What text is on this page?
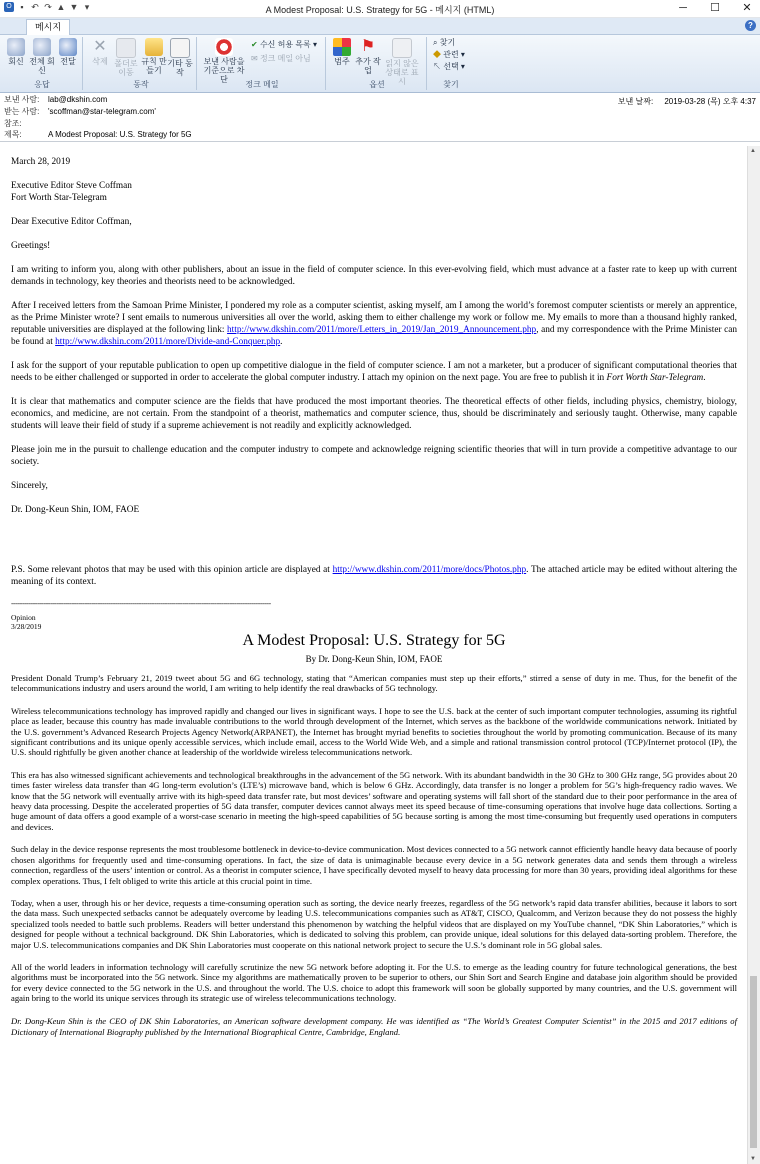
O ▪ ↶ ↷ ▲ ▼ ▾	A Modest Proposal: U.S. Strategy for 5G - 메시지 (HTML)	─ ☐ ✕
메시지	?
회신 전체 회신
전달
응답
✕
삭제 폴더로 이동
규칙 만들기
기타 동작
동작
보낸 사람을 기준으로 차단
✔ 수신 허용 목록 ▾
✉ 정크 메일 아님
정크 메일
범주
⚑
추가 작업
읽지 않은 상태로 표시
옵션
⌕ 찾기
◆ 관련 ▾
↖ 선택 ▾
찾기
보낸 사람: lab@dkshin.com
받는 사람: 'scoffman@star-telegram.com'
참조:
제목:	A Modest Proposal: U.S. Strategy for 5G
보낸 날짜: 2019-03-28 (목) 오후 4:37

March 28, 2019

Executive Editor Steve Coffman
Fort Worth Star-Telegram

Dear Executive Editor Coffman,

Greetings!

I am writing to inform you, along with other publishers, about an issue in the field of computer science. In this ever-evolving field, which must advance at a faster rate to keep up with current demands in technology, key theories and theorists need to be acknowledged.

After I received letters from the Samoan Prime Minister, I pondered my role as a computer scientist, asking myself, am I among the world’s foremost computer scientists or merely an apprentice, as the Prime Minister wrote? I sent emails to numerous universities all over the world, asking them to either challenge my work or follow me. My emails to more than a thousand highly ranked, reputable universities are displayed at the following link: http://www.dkshin.com/2011/more/Letters_in_2019/Jan_2019_Announcement.php, and my correspondence with the Prime Minister can be found at http://www.dkshin.com/2011/more/Divide-and-Conquer.php.

I ask for the support of your reputable publication to open up competitive dialogue in the field of computer science. I am not a marketer, but a producer of significant computational theories that needs to be either challenged or supported in order to accelerate the global computer industry. I attach my opinion on the next page. You are free to publish it in Fort Worth Star-Telegram.

It is clear that mathematics and computer science are the fields that have produced the most important theories. The theoretical effects of other fields, including physics, chemistry, biology, economics, and medicine, are not certain. From the standpoint of a theorist, mathematics and computer science, thus, should be discriminately and seriously taught. Otherwise, many capable students will leave their field of study if a supreme achievement is not readily and explicitly acknowledged.

Please join me in the pursuit to challenge education and the computer industry to compete and acknowledge reigning scientific theories that will in turn provide a competitive advantage to our society.

Sincerely,

Dr. Dong-Keun Shin, IOM, FAOE

P.S. Some relevant photos that may be used with this opinion article are displayed at http://www.dkshin.com/2011/more/docs/Photos.php. The attached article may be edited without altering the meaning of its context.

------------------------------------------------------------------------------------------------------------------------
Opinion
3/28/2019
A Modest Proposal: U.S. Strategy for 5G
By Dr. Dong-Keun Shin, IOM, FAOE

President Donald Trump’s February 21, 2019 tweet about 5G and 6G technology, stating that “American companies must step up their efforts,” stirred a sense of duty in me. Thus, for the benefit of the telecommunications industry and users around the world, I am writing to help identify the real drawbacks of 5G technology.

Wireless telecommunications technology has improved rapidly and changed our lives in significant ways. I hope to see the U.S. back at the center of such important computer technologies, assuming its rightful place as leader, because this country has made invaluable contributions to the world through development of the Internet, which serves as the backbone of the worldwide communications network. Initiated by the U.S. government’s Advanced Research Projects Agency Network(ARPANET), the Internet has brought myriad benefits to societies throughout the world by promoting communication. Because of its many significant contributions and its unique openly accessible services, which include email, access to the World Wide Web, and a simple and rational transmission control protocol (TCP)/Internet protocol (IP), the U.S. should rightfully be given another chance at leadership of the worldwide wireless telecommunications network.

This era has also witnessed significant achievements and technological breakthroughs in the advancement of the 5G network. With its abundant bandwidth in the 30 GHz to 300 GHz range, 5G provides about 20 times faster wireless data transfer than 4G long-term evolution’s (LTE’s) microwave band, which is below 6 GHz. Accordingly, data transfer is no longer a problem for 5G’s high-frequency radio waves. We know that the 5G network will eventually arrive with its high-speed data transfer rate, but most devices’ software and operating systems will fall short of the standard due to their poor performance in the area of heavy data processing. Despite the accelerated properties of 5G data transfer, computer devices cannot always meet its speed because of time-consuming operations that involve huge data collections. Sorting a huge amount of data offers a good example of a worst-case scenario in meeting the high-speed capabilities of 5G because sorting is among the most time-consuming but frequently used operations in computers and devices.

Such delay in the device response represents the most troublesome bottleneck in device-to-device communication. Most devices connected to a 5G network cannot efficiently handle heavy data because of poorly chosen algorithms for frequently used and time-consuming operations. In fact, the size of data is unimaginable because every device in a 5G network generates data and sends them through a wireless connection, regardless of the users’ intention or control. As a theorist in computer science, I have specifically devoted myself to heavy data processing for more than 30 years, providing ideal algorithms for these complex operations. Thus, I felt obliged to write this article at this crucial point in time.

Today, when a user, through his or her device, requests a time-consuming operation such as sorting, the device nearly freezes, regardless of the 5G network’s rapid data transfer abilities, because it labors to sort the data mass. Such unexpected setbacks cannot be adequately overcome by leading U.S. telecommunications companies such as AT&T, CISCO, Qualcomm, and Verizon because they do not possess the highly specialized tools needed to battle such problems. Readers will better understand this phenomenon by watching the helpful videos that are displayed on my YouTube channel, “DK Shin Laboratories,” which is designed for people without a technical background. DK Shin Laboratories, which is dedicated to solving this problem, can provide unique, ideal solutions for this delayed data-sorting problem. Therefore, the major U.S. telecommunications companies and DK Shin Laboratories must cooperate on this national network project to secure the U.S.’s dominant role in 5G global sales.

All of the world leaders in information technology will carefully scrutinize the new 5G network before adopting it. For the U.S. to emerge as the leading country for future technological generations, the best algorithms must be incorporated into the 5G network. Since my algorithms are mathematically proven to be superior to others, our Shin Sort and Search Engine and database join algorithm should be provided for every device connected to the 5G network in the U.S. and throughout the world. The U.S. choice to adopt this framework will soon be globally supported by many countries, and the U.S. government will again bring to the world its unique services through its strategic use of wireless telecommunications technology.

Dr. Dong-Keun Shin is the CEO of DK Shin Laboratories, an American software development company. He was identified as “The World’s Greatest Computer Scientist” in the 2015 and 2017 editions of Dictionary of International Biography published by the International Biographical Centre, Cambridge, England.

▲
▼
